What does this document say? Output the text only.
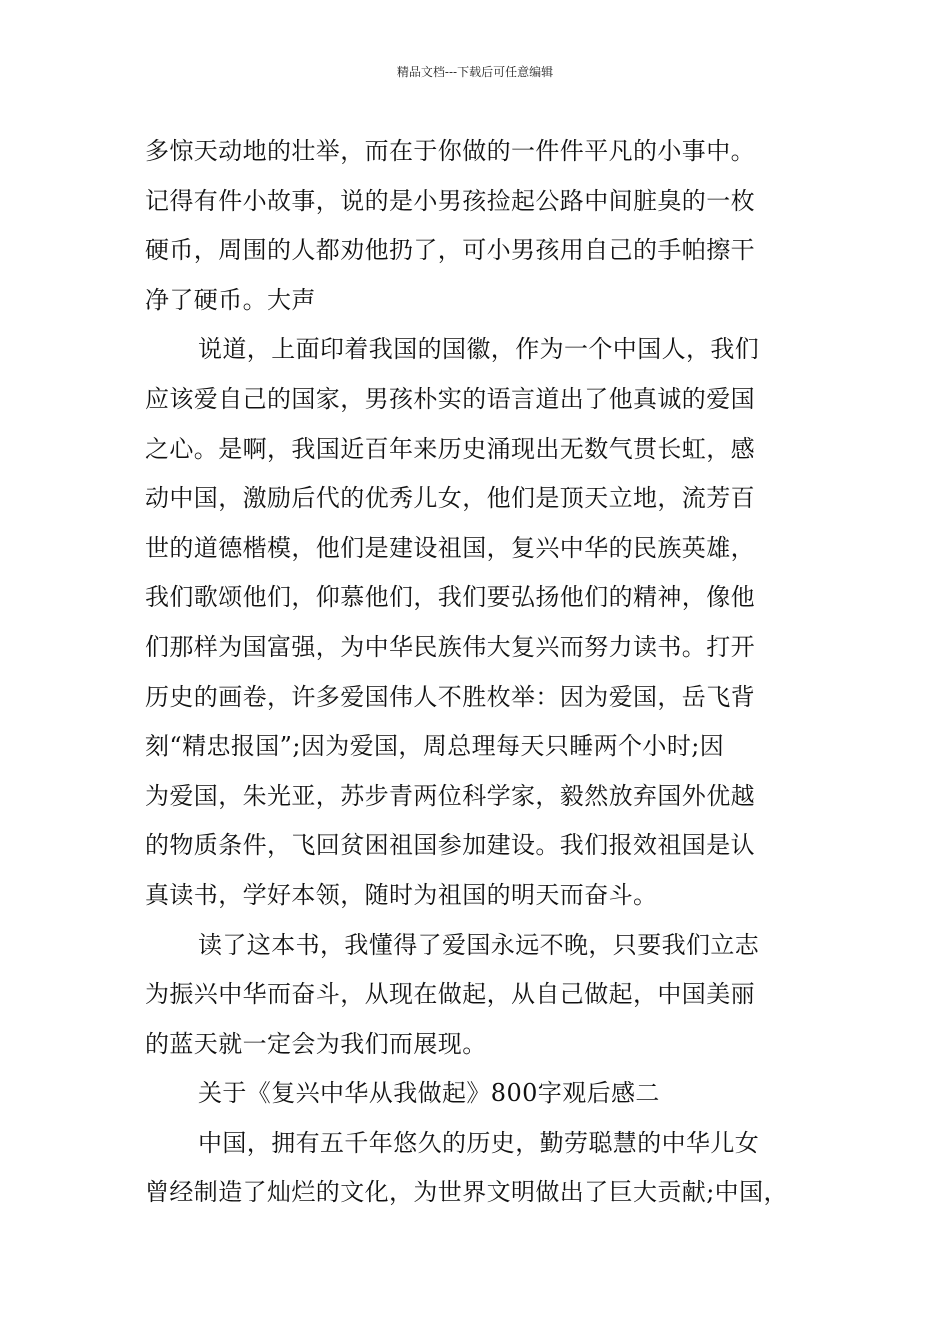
精品文档---下载后可任意编辑
多惊天动地的壮举，而在于你做的一件件平凡的小事中。
记得有件小故事，说的是小男孩捡起公路中间脏臭的一枚
硬币，周围的人都劝他扔了，可小男孩用自己的手帕擦干
净了硬币。大声
说道，上面印着我国的国徽，作为一个中国人，我们
应该爱自己的国家，男孩朴实的语言道出了他真诚的爱国
之心。是啊，我国近百年来历史涌现出无数气贯长虹，感
动中国，激励后代的优秀儿女，他们是顶天立地，流芳百
世的道德楷模，他们是建设祖国，复兴中华的民族英雄，
我们歌颂他们，仰慕他们，我们要弘扬他们的精神，像他
们那样为国富强，为中华民族伟大复兴而努力读书。打开
历史的画卷，许多爱国伟人不胜枚举：因为爱国，岳飞背
刻“精忠报国”;因为爱国，周总理每天只睡两个小时;因
为爱国，朱光亚，苏步青两位科学家，毅然放弃国外优越
的物质条件，飞回贫困祖国参加建设。我们报效祖国是认
真读书，学好本领，随时为祖国的明天而奋斗。
读了这本书，我懂得了爱国永远不晚，只要我们立志
为振兴中华而奋斗，从现在做起，从自己做起，中国美丽
的蓝天就一定会为我们而展现。
关于《复兴中华从我做起》800字观后感二
中国，拥有五千年悠久的历史，勤劳聪慧的中华儿女
曾经制造了灿烂的文化，为世界文明做出了巨大贡献;中国，
